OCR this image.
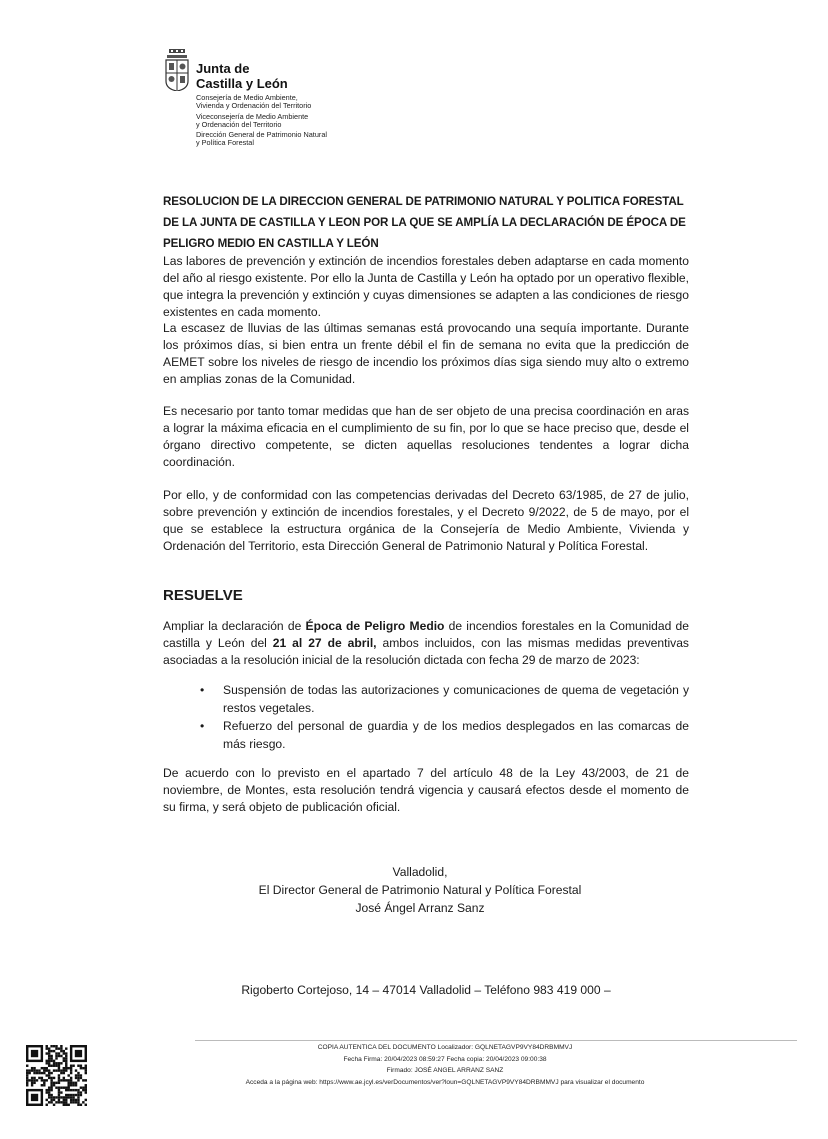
Junta de
Castilla y León
Consejería de Medio Ambiente,
Vivienda y Ordenación del Territorio
Viceconsejería de Medio Ambiente
y Ordenación del Territorio
Dirección General de Patrimonio Natural
y Política Forestal
RESOLUCION DE LA DIRECCION GENERAL DE PATRIMONIO NATURAL Y POLITICA FORESTAL DE LA JUNTA DE CASTILLA Y LEON POR LA QUE SE AMPLÍA LA DECLARACIÓN DE ÉPOCA DE PELIGRO MEDIO EN CASTILLA Y LEÓN

Las labores de prevención y extinción de incendios forestales deben adaptarse en cada momento del año al riesgo existente. Por ello la Junta de Castilla y León ha optado por un operativo flexible, que integra la prevención y extinción y cuyas dimensiones se adapten a las condiciones de riesgo existentes en cada momento.

La escasez de lluvias de las últimas semanas está provocando una sequía importante. Durante los próximos días, si bien entra un frente débil el fin de semana no evita que la predicción de AEMET sobre los niveles de riesgo de incendio los próximos días siga siendo muy alto o extremo en amplias zonas de la Comunidad.

Es necesario por tanto tomar medidas que han de ser objeto de una precisa coordinación en aras a lograr la máxima eficacia en el cumplimiento de su fin, por lo que se hace preciso que, desde el órgano directivo competente, se dicten aquellas resoluciones tendentes a lograr dicha coordinación.

Por ello, y de conformidad con las competencias derivadas del Decreto 63/1985, de 27 de julio, sobre prevención y extinción de incendios forestales, y el Decreto 9/2022, de 5 de mayo, por el que se establece la estructura orgánica de la Consejería de Medio Ambiente, Vivienda y Ordenación del Territorio, esta Dirección General de Patrimonio Natural y Política Forestal.

RESUELVE

Ampliar la declaración de Época de Peligro Medio de incendios forestales en la Comunidad de castilla y León del 21 al 27 de abril, ambos incluidos, con las mismas medidas preventivas asociadas a la resolución inicial de la resolución dictada con fecha 29 de marzo de 2023:

• Suspensión de todas las autorizaciones y comunicaciones de quema de vegetación y restos vegetales.
• Refuerzo del personal de guardia y de los medios desplegados en las comarcas de más riesgo.

De acuerdo con lo previsto en el apartado 7 del artículo 48 de la Ley 43/2003, de 21 de noviembre, de Montes, esta resolución tendrá vigencia y causará efectos desde el momento de su firma, y será objeto de publicación oficial.

Valladolid,
El Director General de Patrimonio Natural y Política Forestal
José Ángel Arranz Sanz
Rigoberto Cortejoso, 14 – 47014 Valladolid – Teléfono 983 419 000 –
COPIA AUTENTICA DEL DOCUMENTO Localizador: GQLNETAGVP9VY84DRBMMVJ
Fecha Firma: 20/04/2023 08:59:27 Fecha copia: 20/04/2023 09:00:38
Firmado: JOSÉ ANGEL ARRANZ SANZ
Acceda a la página web: https://www.ae.jcyl.es/verDocumentos/ver?loun=GQLNETAGVP9VY84DRBMMVJ para visualizar el documento
